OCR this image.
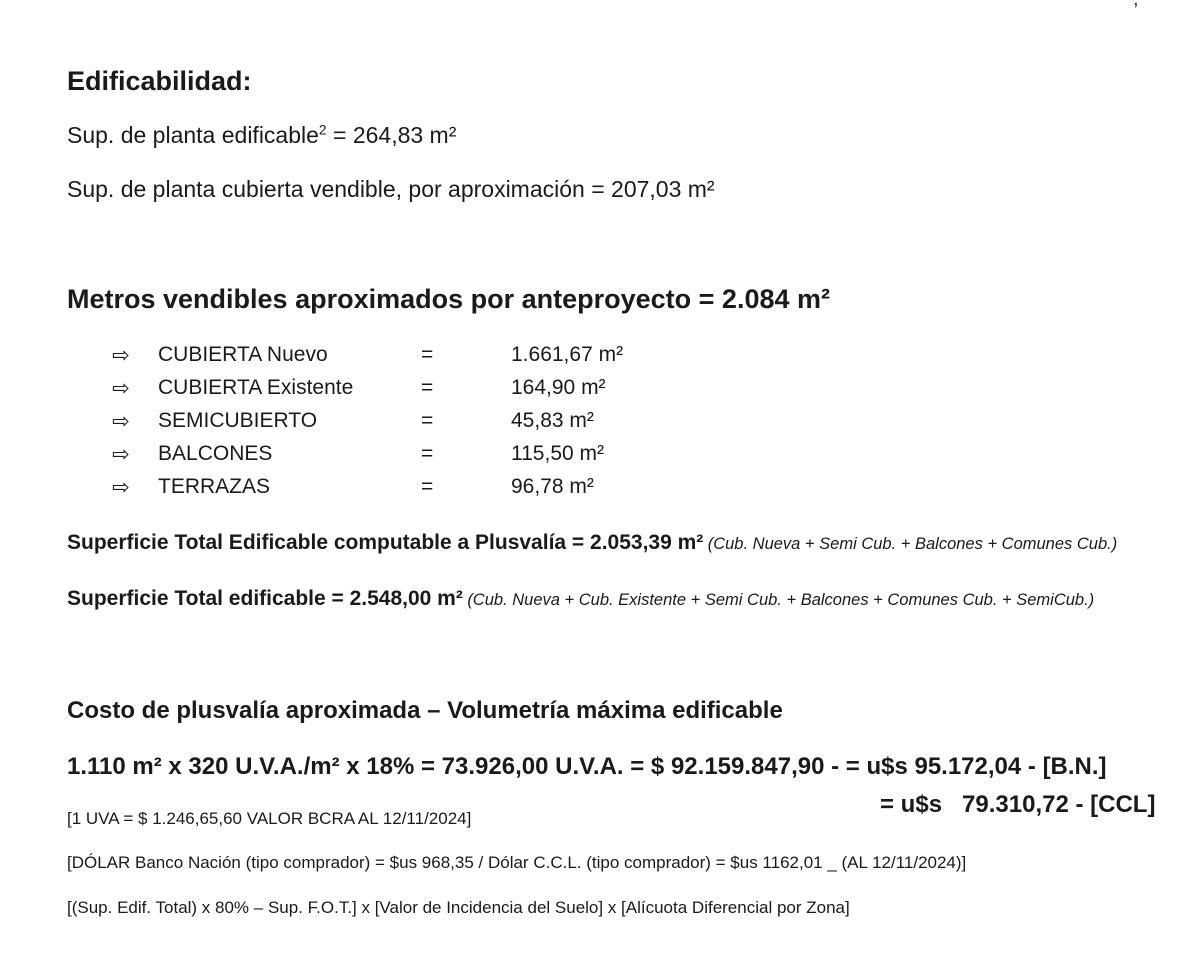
Edificabilidad:
Sup. de planta edificable$^2$ = 264,83 m²
Sup. de planta cubierta vendible, por aproximación = 207,03 m²
Metros vendibles aproximados por anteproyecto = 2.084 m²
⇨	CUBIERTA Nuevo	=	1.661,67 m²
⇨	CUBIERTA Existente	=	164,90 m²
⇨	SEMICUBIERTO	=	45,83 m²
⇨	BALCONES	=	115,50 m²
⇨	TERRAZAS	=	96,78 m²
Superficie Total Edificable computable a Plusvalía = 2.053,39 m² (Cub. Nueva + Semi Cub. + Balcones + Comunes Cub.)
Superficie Total edificable = 2.548,00 m² (Cub. Nueva + Cub. Existente + Semi Cub. + Balcones + Comunes Cub. + SemiCub.)
Costo de plusvalía aproximada – Volumetría máxima edificable
1.110 m² x 320 U.V.A./m² x 18% = 73.926,00 U.V.A. = $ 92.159.847,90 - = u$s 95.172,04 - [B.N.]
= u$s   79.310,72 - [CCL]
[1 UVA = $ 1.246,65,60 VALOR BCRA AL 12/11/2024]
[DÓLAR Banco Nación (tipo comprador) = $us 968,35 / Dólar C.C.L. (tipo comprador) = $us 1162,01 _ (AL 12/11/2024)]
[(Sup. Edif. Total) x 80% – Sup. F.O.T.] x [Valor de Incidencia del Suelo] x [Alícuota Diferencial por Zona]
